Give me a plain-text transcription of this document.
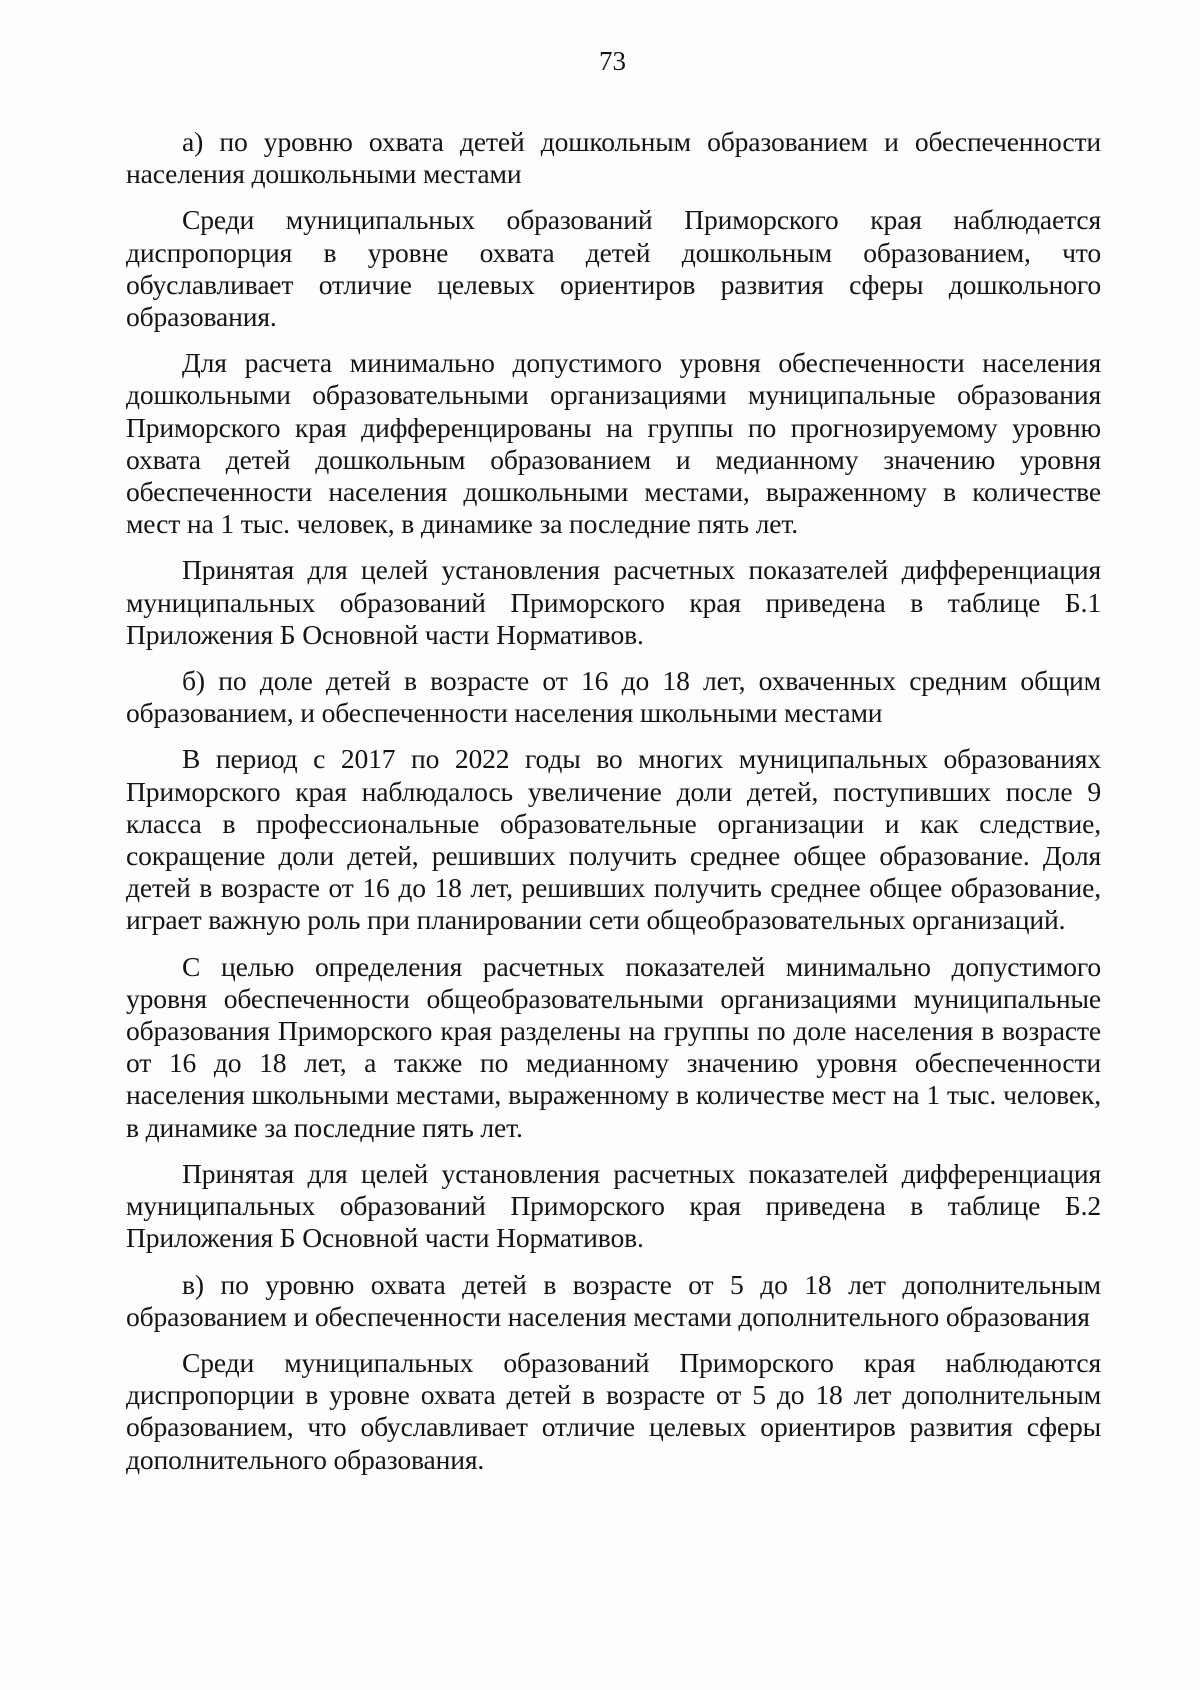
73

а) по уровню охвата детей дошкольным образованием и обеспеченности населения дошкольными местами

Среди муниципальных образований Приморского края наблюдается диспропорция в уровне охвата детей дошкольным образованием, что обуславливает отличие целевых ориентиров развития сферы дошкольного образования.

Для расчета минимально допустимого уровня обеспеченности населения дошкольными образовательными организациями муниципальные образования Приморского края дифференцированы на группы по прогнозируемому уровню охвата детей дошкольным образованием и медианному значению уровня обеспеченности населения дошкольными местами, выраженному в количестве мест на 1 тыс. человек, в динамике за последние пять лет.

Принятая для целей установления расчетных показателей дифференциация муниципальных образований Приморского края приведена в таблице Б.1 Приложения Б Основной части Нормативов.

б) по доле детей в возрасте от 16 до 18 лет, охваченных средним общим образованием, и обеспеченности населения школьными местами

В период с 2017 по 2022 годы во многих муниципальных образованиях Приморского края наблюдалось увеличение доли детей, поступивших после 9 класса в профессиональные образовательные организации и как следствие, сокращение доли детей, решивших получить среднее общее образование. Доля детей в возрасте от 16 до 18 лет, решивших получить среднее общее образование, играет важную роль при планировании сети общеобразовательных организаций.

С целью определения расчетных показателей минимально допустимого уровня обеспеченности общеобразовательными организациями муниципальные образования Приморского края разделены на группы по доле населения в возрасте от 16 до 18 лет, а также по медианному значению уровня обеспеченности населения школьными местами, выраженному в количестве мест на 1 тыс. человек, в динамике за последние пять лет.

Принятая для целей установления расчетных показателей дифференциация муниципальных образований Приморского края приведена в таблице Б.2 Приложения Б Основной части Нормативов.

в) по уровню охвата детей в возрасте от 5 до 18 лет дополнительным образованием и обеспеченности населения местами дополнительного образования

Среди муниципальных образований Приморского края наблюдаются диспропорции в уровне охвата детей в возрасте от 5 до 18 лет дополнительным образованием, что обуславливает отличие целевых ориентиров развития сферы дополнительного образования.
